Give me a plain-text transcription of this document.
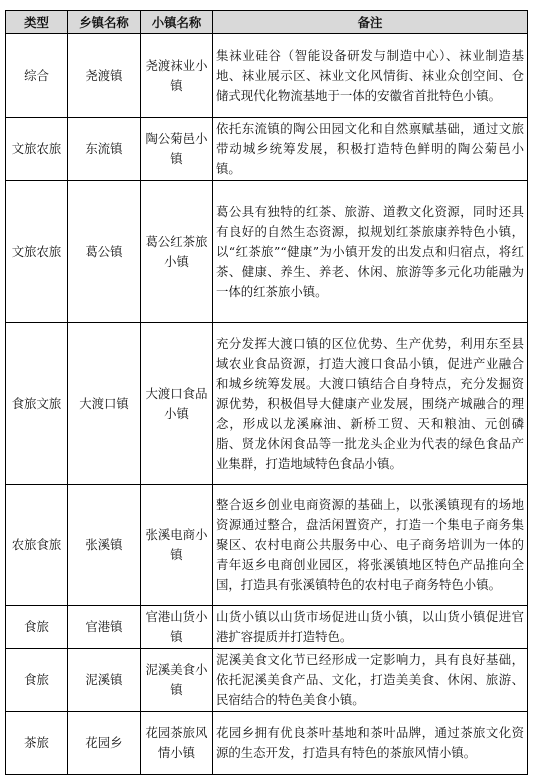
类型	乡镇名称	小镇名称	备注
综合	尧渡镇	尧渡袜业小镇	集袜业硅谷（智能设备研发与制造中心）、袜业制造基地、袜业展示区、袜业文化风情街、袜业众创空间、仓储式现代化物流基地于一体的安徽省首批特色小镇。
文旅农旅	东流镇	陶公菊邑小镇	依托东流镇的陶公田园文化和自然禀赋基础，通过文旅带动城乡统筹发展，积极打造特色鲜明的陶公菊邑小镇。
文旅农旅	葛公镇	葛公红茶旅小镇	葛公具有独特的红茶、旅游、道教文化资源，同时还具有良好的自然生态资源，拟规划红茶旅康养特色小镇，以“红茶旅”“健康”为小镇开发的出发点和归宿点，将红茶、健康、养生、养老、休闲、旅游等多元化功能融为一体的红茶旅小镇。
食旅文旅	大渡口镇	大渡口食品小镇	充分发挥大渡口镇的区位优势、生产优势，利用东至县域农业食品资源，打造大渡口食品小镇，促进产业融合和城乡统筹发展。大渡口镇结合自身特点，充分发掘资源优势，积极倡导大健康产业发展，围绕产城融合的理念，形成以龙溪麻油、新桥工贸、天和粮油、元创磷脂、贤龙休闲食品等一批龙头企业为代表的绿色食品产业集群，打造地域特色食品小镇。
农旅食旅	张溪镇	张溪电商小镇	整合返乡创业电商资源的基础上，以张溪镇现有的场地资源通过整合，盘活闲置资产，打造一个集电子商务集聚区、农村电商公共服务中心、电子商务培训为一体的青年返乡电商创业园区，将张溪镇地区特色产品推向全国，打造具有张溪镇特色的农村电子商务特色小镇。
食旅	官港镇	官港山货小镇	山货小镇以山货市场促进山货小镇，以山货小镇促进官港扩容提质并打造特色。
食旅	泥溪镇	泥溪美食小镇	泥溪美食文化节已经形成一定影响力，具有良好基础，依托泥溪美食产品、文化，打造美美食、休闲、旅游、民宿结合的特色美食小镇。
茶旅	花园乡	花园茶旅风情小镇	花园乡拥有优良茶叶基地和茶叶品牌，通过茶旅文化资源的生态开发，打造具有特色的茶旅风情小镇。
